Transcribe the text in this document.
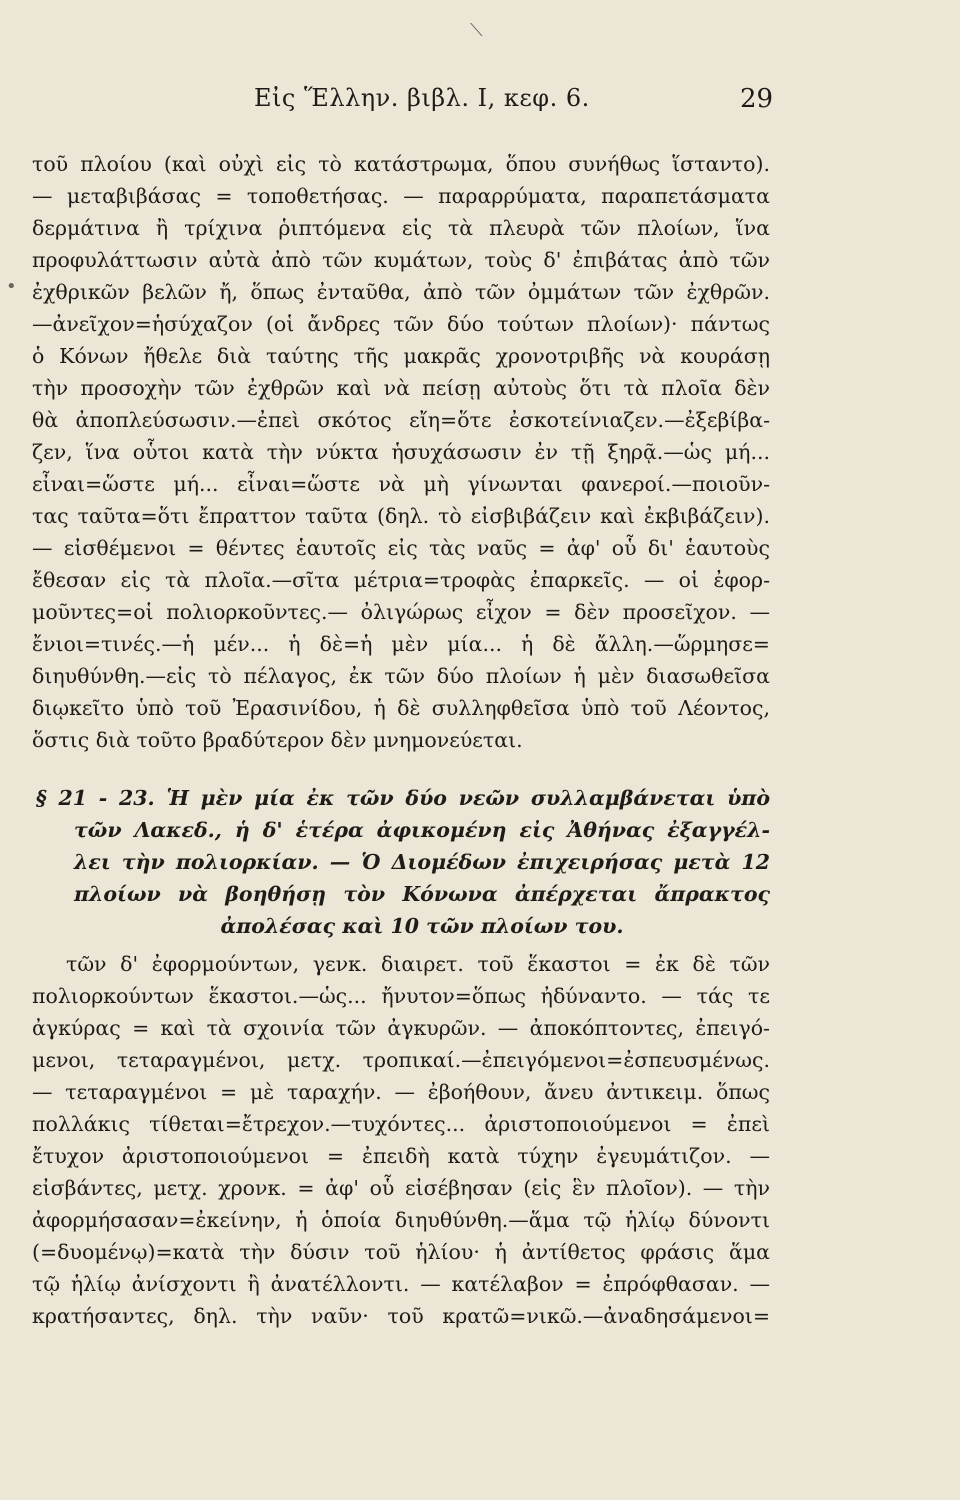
⟍
•
Εἰς Ἕλλην. βιβλ. Ι, κεφ. 6.	29
τοῦ πλοίου (καὶ οὐχὶ εἰς τὸ κατάστρωμα, ὅπου συνήθως ἵσταντο).
— μεταβιβάσας = τοποθετήσας. — παραρρύματα, παραπετάσματα
δερμάτινα ἢ τρίχινα ῥιπτόμενα εἰς τὰ πλευρὰ τῶν πλοίων, ἵνα
προφυλάττωσιν αὐτὰ ἀπὸ τῶν κυμάτων, τοὺς δ' ἐπιβάτας ἀπὸ τῶν
ἐχθρικῶν βελῶν ἤ, ὅπως ἐνταῦθα, ἀπὸ τῶν ὀμμάτων τῶν ἐχθρῶν.
—ἀνεῖχον=ἡσύχαζον (οἱ ἄνδρες τῶν δύο τούτων πλοίων)· πάντως
ὁ Κόνων ἤθελε διὰ ταύτης τῆς μακρᾶς χρονοτριβῆς νὰ κουράσῃ
τὴν προσοχὴν τῶν ἐχθρῶν καὶ νὰ πείσῃ αὐτοὺς ὅτι τὰ πλοῖα δὲν
θὰ ἀποπλεύσωσιν.—ἐπεὶ σκότος εἴη=ὅτε ἐσκοτείνιαζεν.—ἐξεβίβα-
ζεν, ἵνα οὗτοι κατὰ τὴν νύκτα ἡσυχάσωσιν ἐν τῇ ξηρᾷ.—ὡς μή...
εἶναι=ὥστε μή... εἶναι=ὥστε νὰ μὴ γίνωνται φανεροί.—ποιοῦν-
τας ταῦτα=ὅτι ἔπραττον ταῦτα (δηλ. τὸ εἰσβιβάζειν καὶ ἐκβιβάζειν).
— εἰσθέμενοι = θέντες ἑαυτοῖς εἰς τὰς ναῦς = ἀφ' οὗ δι' ἑαυτοὺς
ἔθεσαν εἰς τὰ πλοῖα.—σῖτα μέτρια=τροφὰς ἐπαρκεῖς. — οἱ ἐφορ-
μοῦντες=οἱ πολιορκοῦντες.— ὀλιγώρως εἶχον = δὲν προσεῖχον. —
ἔνιοι=τινές.—ἡ μέν... ἡ δὲ=ἡ μὲν μία... ἡ δὲ ἄλλη.—ὥρμησε=
διηυθύνθη.—εἰς τὸ πέλαγος, ἐκ τῶν δύο πλοίων ἡ μὲν διασωθεῖσα
διῳκεῖτο ὑπὸ τοῦ Ἐρασινίδου, ἡ δὲ συλληφθεῖσα ὑπὸ τοῦ Λέοντος,
ὅστις διὰ τοῦτο βραδύτερον δὲν μνημονεύεται.
§ 21 - 23. Ἡ μὲν μία ἐκ τῶν δύο νεῶν συλλαμβάνεται ὑπὸ
τῶν Λακεδ., ἡ δ' ἑτέρα ἀφικομένη εἰς Ἀθήνας ἐξαγγέλ-
λει τὴν πολιορκίαν. — Ὁ Διομέδων ἐπιχειρήσας μετὰ 12
πλοίων νὰ βοηθήσῃ τὸν Κόνωνα ἀπέρχεται ἄπρακτος
ἀπολέσας καὶ 10 τῶν πλοίων του.
τῶν δ' ἐφορμούντων, γενκ. διαιρετ. τοῦ ἕκαστοι = ἐκ δὲ τῶν
πολιορκούντων ἕκαστοι.—ὡς... ἤνυτον=ὅπως ἠδύναντο. — τάς τε
ἀγκύρας = καὶ τὰ σχοινία τῶν ἀγκυρῶν. — ἀποκόπτοντες, ἐπειγό-
μενοι, τεταραγμένοι, μετχ. τροπικαί.—ἐπειγόμενοι=ἐσπευσμένως.
— τεταραγμένοι = μὲ ταραχήν. — ἐβοήθουν, ἄνευ ἀντικειμ. ὅπως
πολλάκις τίθεται=ἔτρεχον.—τυχόντες... ἀριστοποιούμενοι = ἐπεὶ
ἔτυχον ἀριστοποιούμενοι = ἐπειδὴ κατὰ τύχην ἐγευμάτιζον. —
εἰσβάντες, μετχ. χρονκ. = ἀφ' οὗ εἰσέβησαν (εἰς ἓν πλοῖον). — τὴν
ἀφορμήσασαν=ἐκείνην, ἡ ὁποία διηυθύνθη.—ἅμα τῷ ἡλίῳ δύνοντι
(=δυομένῳ)=κατὰ τὴν δύσιν τοῦ ἡλίου· ἡ ἀντίθετος φράσις ἅμα
τῷ ἡλίῳ ἀνίσχοντι ἢ ἀνατέλλοντι. — κατέλαβον = ἐπρόφθασαν. —
κρατήσαντες, δηλ. τὴν ναῦν· τοῦ κρατῶ=νικῶ.—ἀναδησάμενοι=
